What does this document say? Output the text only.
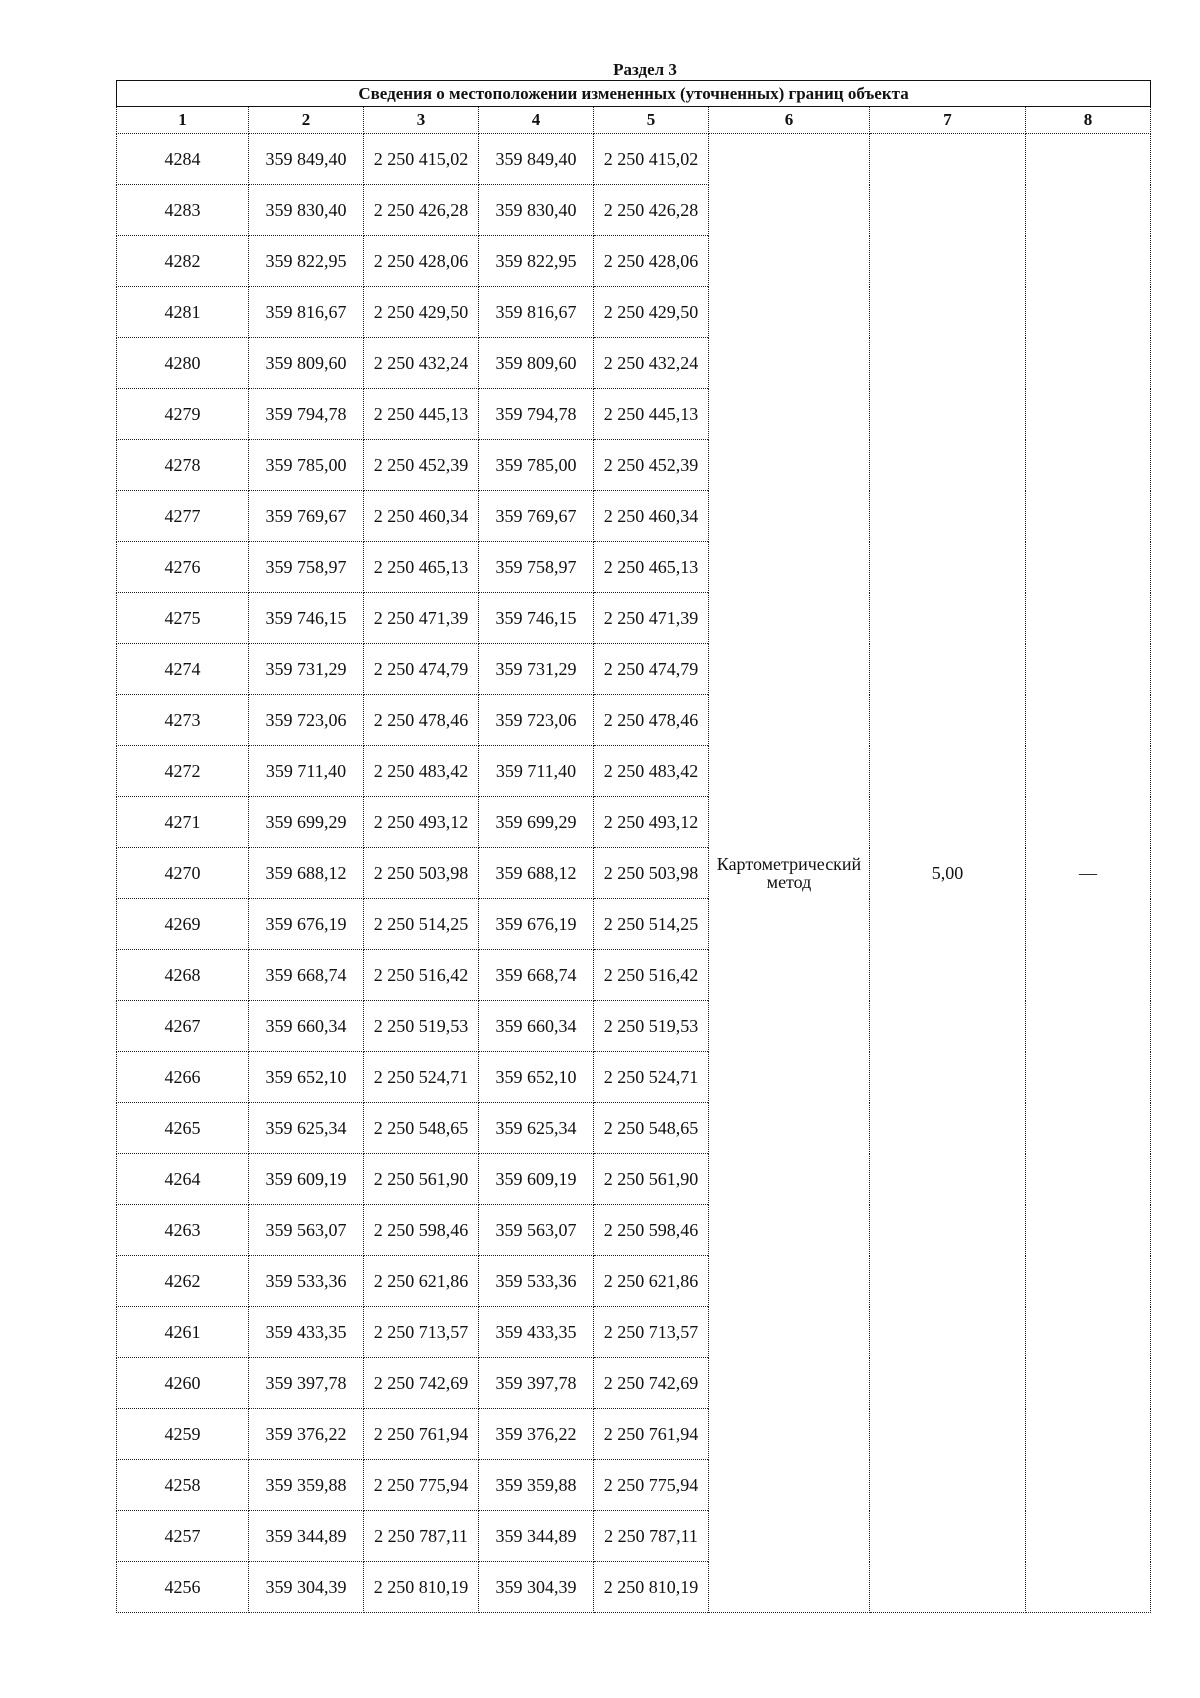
Раздел 3
Сведения о местоположении измененных (уточненных) границ объекта							
1	2	3	4	5	6	7	8
4284	359 849,40	2 250 415,02	359 849,40	2 250 415,02	Картометрический метод	5,00	—
4283	359 830,40	2 250 426,28	359 830,40	2 250 426,28			
4282	359 822,95	2 250 428,06	359 822,95	2 250 428,06			
4281	359 816,67	2 250 429,50	359 816,67	2 250 429,50			
4280	359 809,60	2 250 432,24	359 809,60	2 250 432,24			
4279	359 794,78	2 250 445,13	359 794,78	2 250 445,13			
4278	359 785,00	2 250 452,39	359 785,00	2 250 452,39			
4277	359 769,67	2 250 460,34	359 769,67	2 250 460,34			
4276	359 758,97	2 250 465,13	359 758,97	2 250 465,13			
4275	359 746,15	2 250 471,39	359 746,15	2 250 471,39			
4274	359 731,29	2 250 474,79	359 731,29	2 250 474,79			
4273	359 723,06	2 250 478,46	359 723,06	2 250 478,46			
4272	359 711,40	2 250 483,42	359 711,40	2 250 483,42			
4271	359 699,29	2 250 493,12	359 699,29	2 250 493,12			
4270	359 688,12	2 250 503,98	359 688,12	2 250 503,98			
4269	359 676,19	2 250 514,25	359 676,19	2 250 514,25			
4268	359 668,74	2 250 516,42	359 668,74	2 250 516,42			
4267	359 660,34	2 250 519,53	359 660,34	2 250 519,53			
4266	359 652,10	2 250 524,71	359 652,10	2 250 524,71			
4265	359 625,34	2 250 548,65	359 625,34	2 250 548,65			
4264	359 609,19	2 250 561,90	359 609,19	2 250 561,90			
4263	359 563,07	2 250 598,46	359 563,07	2 250 598,46			
4262	359 533,36	2 250 621,86	359 533,36	2 250 621,86			
4261	359 433,35	2 250 713,57	359 433,35	2 250 713,57			
4260	359 397,78	2 250 742,69	359 397,78	2 250 742,69			
4259	359 376,22	2 250 761,94	359 376,22	2 250 761,94			
4258	359 359,88	2 250 775,94	359 359,88	2 250 775,94			
4257	359 344,89	2 250 787,11	359 344,89	2 250 787,11			
4256	359 304,39	2 250 810,19	359 304,39	2 250 810,19			
